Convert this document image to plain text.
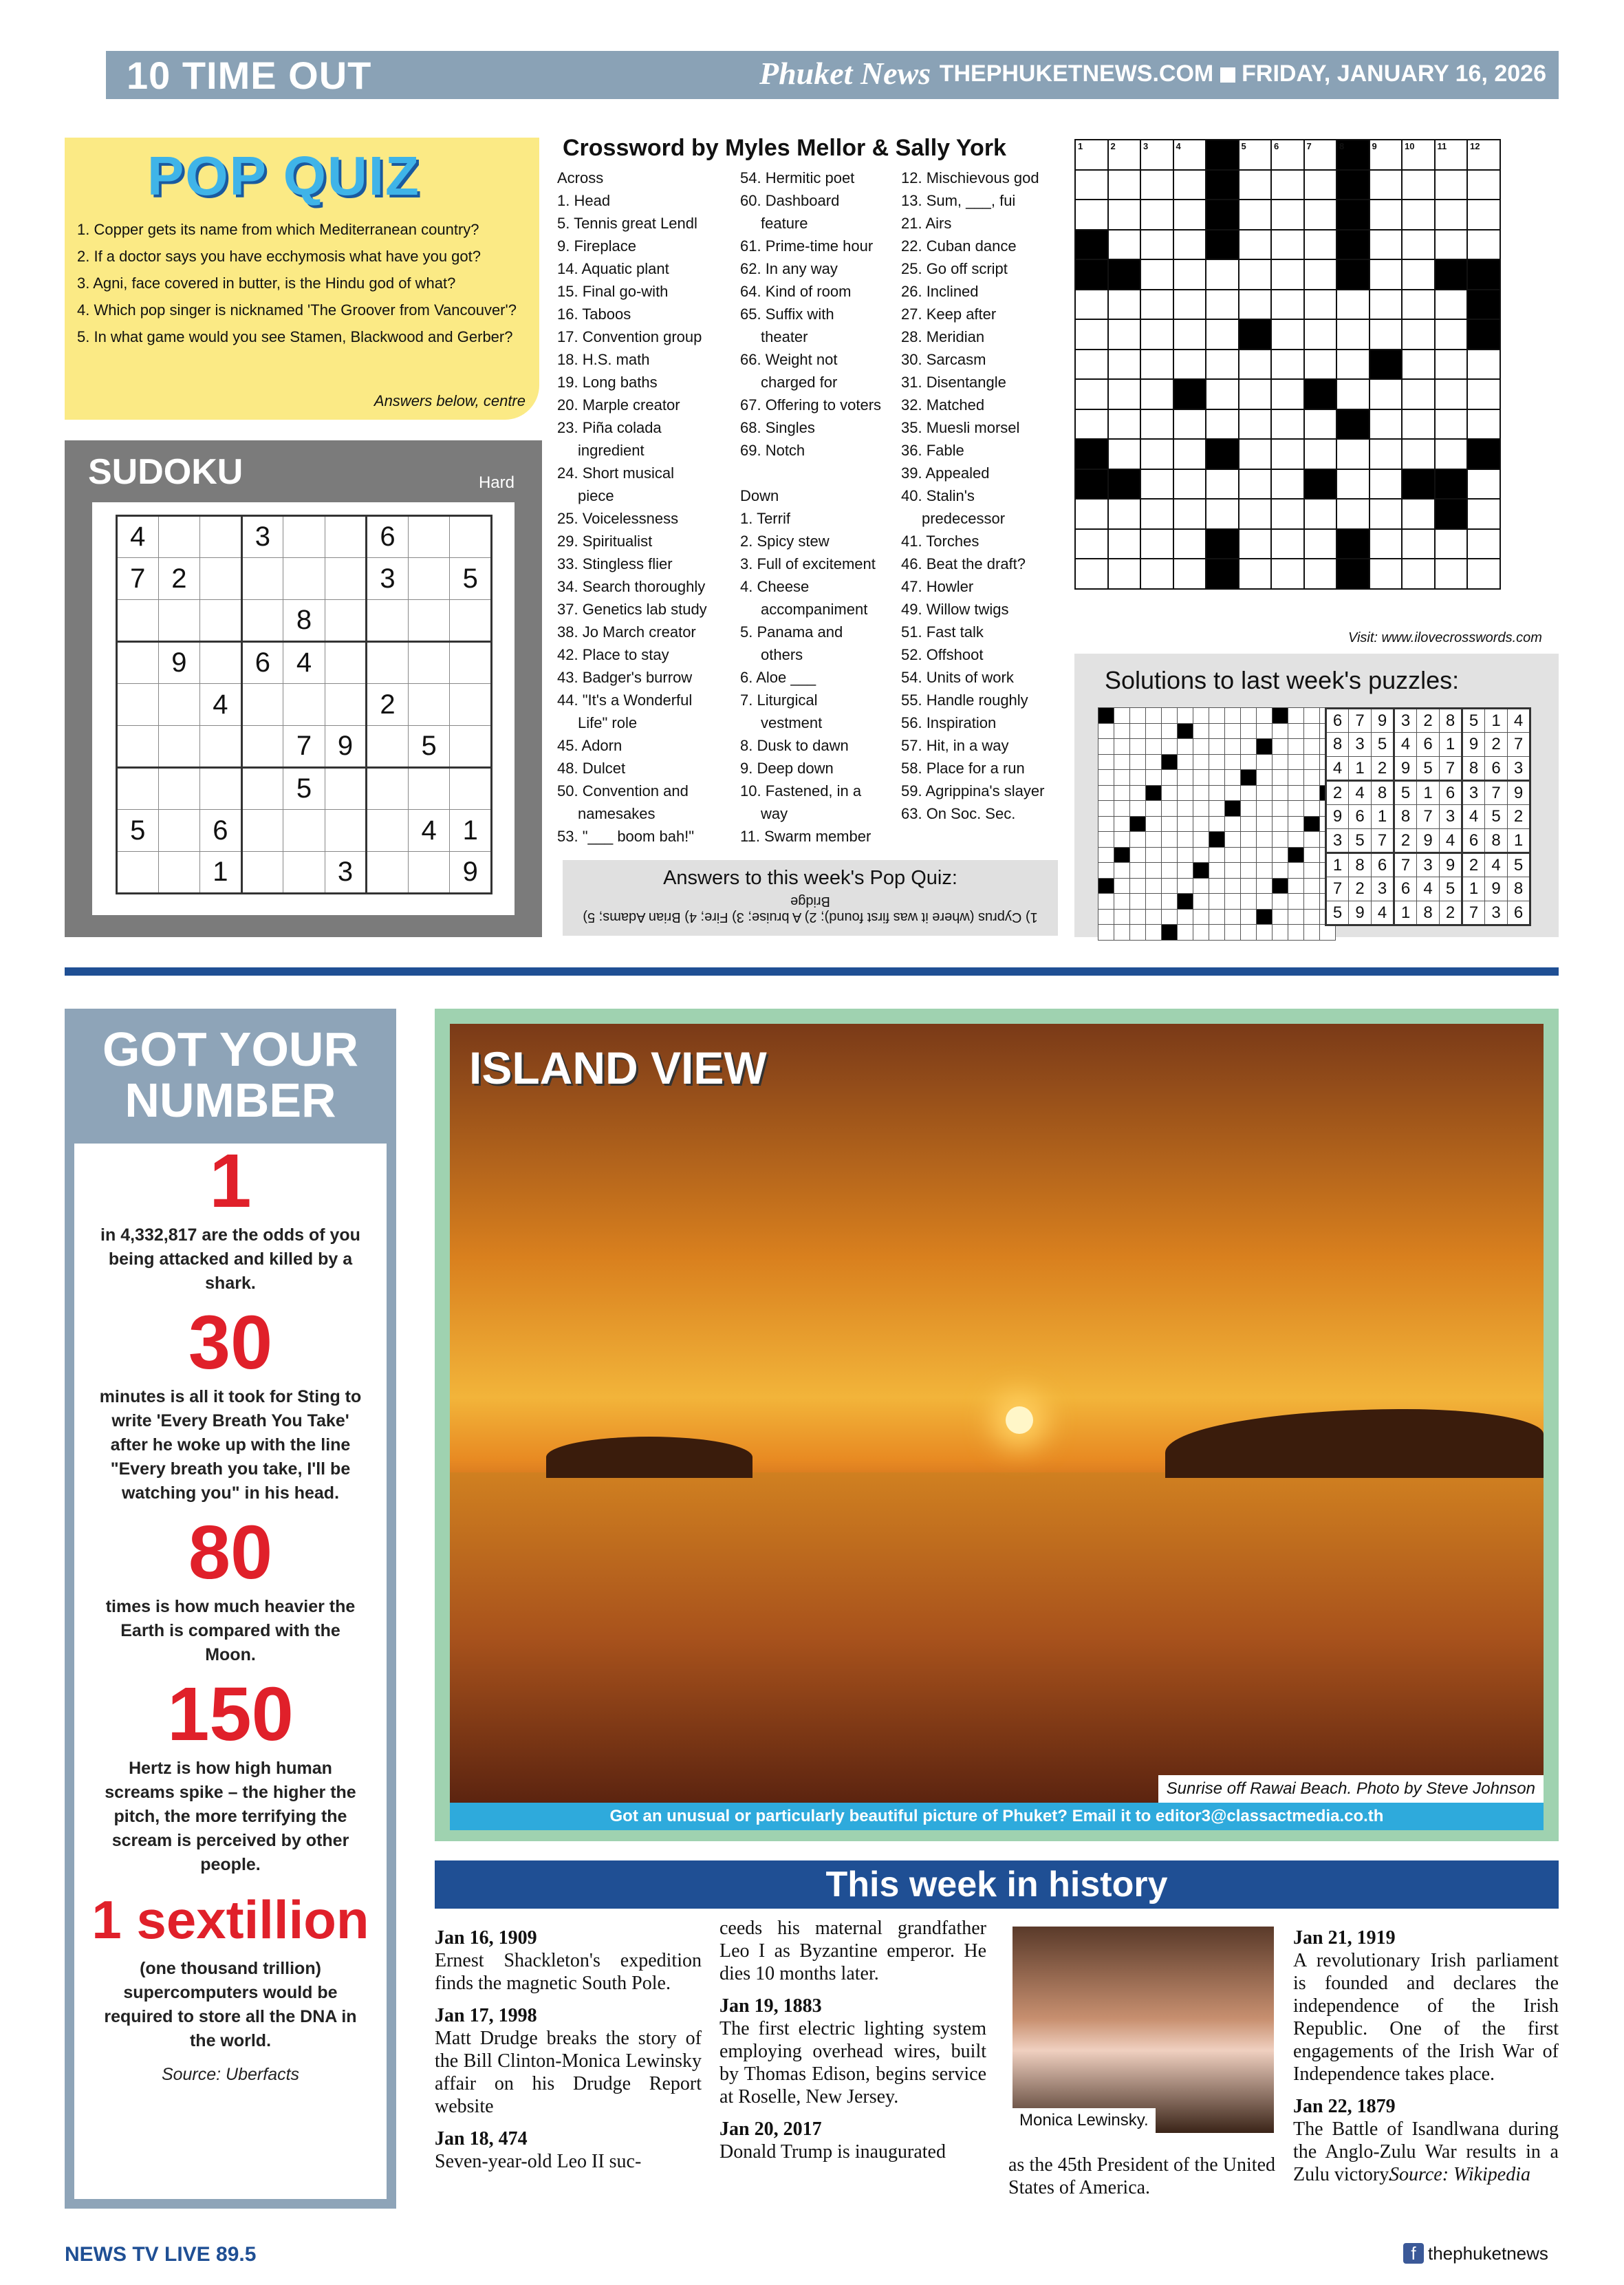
10 TIME OUT	Phuket News THEPHUKETNEWS.COM FRIDAY, JANUARY 16, 2026
POP QUIZ
1. Copper gets its name from which Mediterranean country?
2. If a doctor says you have ecchymosis what have you got?
3. Agni, face covered in butter, is the Hindu god of what?
4. Which pop singer is nicknamed 'The Groover from Vancouver'?
5. In what game would you see Stamen, Blackwood and Gerber?
Answers below, centre
SUDOKU	Hard
4			3			6		
7	2					3		5
				8				
	9		6	4				
		4				2		
				7	9		5	
				5				
5		6					4	1
		1			3			9
Crossword by Myles Mellor & Sally York
Across
1. Head
5. Tennis great Lendl
9. Fireplace
14. Aquatic plant
15. Final go-with
16. Taboos
17. Convention group
18. H.S. math
19. Long baths
20. Marple creator
23. Piña colada
ingredient
24. Short musical
piece
25. Voicelessness
29. Spiritualist
33. Stingless flier
34. Search thoroughly
37. Genetics lab study
38. Jo March creator
42. Place to stay
43. Badger's burrow
44. "It's a Wonderful
Life" role
45. Adorn
48. Dulcet
50. Convention and
namesakes
53. "___ boom bah!"
54. Hermitic poet
60. Dashboard
feature
61. Prime-time hour
62. In any way
64. Kind of room
65. Suffix with
theater
66. Weight not
charged for
67. Offering to voters
68. Singles
69. Notch

Down
1. Terrif
2. Spicy stew
3. Full of excitement
4. Cheese
accompaniment
5. Panama and
others
6. Aloe ___
7. Liturgical
vestment
8. Dusk to dawn
9. Deep down
10. Fastened, in a
way
11. Swarm member
12. Mischievous god
13. Sum, ___, fui
21. Airs
22. Cuban dance
25. Go off script
26. Inclined
27. Keep after
28. Meridian
30. Sarcasm
31. Disentangle
32. Matched
35. Muesli morsel
36. Fable
39. Appealed
40. Stalin's
predecessor
41. Torches
46. Beat the draft?
47. Howler
49. Willow twigs
51. Fast talk
52. Offshoot
54. Units of work
55. Handle roughly
56. Inspiration
57. Hit, in a way
58. Place for a run
59. Agrippina's slayer
63. On Soc. Sec.
Answers to this week's Pop Quiz:
1) Cyprus (where it was first found); 2) A bruise; 3) Fire; 4) Brian Adams; 5) Bridge
1	2	3	4		5	6	7	8	9	10	11	12

Visit: www.ilovecrosswords.com
Solutions to last week's puzzles:

6	7	9	3	2	8	5	1	4
8	3	5	4	6	1	9	2	7
4	1	2	9	5	7	8	6	3
2	4	8	5	1	6	3	7	9
9	6	1	8	7	3	4	5	2
3	5	7	2	9	4	6	8	1
1	8	6	7	3	9	2	4	5
7	2	3	6	4	5	1	9	8
5	9	4	1	8	2	7	3	6
GOT YOUR NUMBER
1
in 4,332,817 are the odds of you being attacked and killed by a shark.
30
minutes is all it took for Sting to write 'Every Breath You Take' after he woke up with the line "Every breath you take, I'll be watching you" in his head.
80
times is how much heavier the Earth is compared with the Moon.
150
Hertz is how high human screams spike – the higher the pitch, the more terrifying the scream is perceived by other people.
1 sextillion
(one thousand trillion) supercomputers would be required to store all the DNA in the world.
Source: Uberfacts
ISLAND VIEW
Sunrise off Rawai Beach. Photo by Steve Johnson
Got an unusual or particularly beautiful picture of Phuket? Email it to editor3@classactmedia.co.th
This week in history
Jan 16, 1909
Ernest Shackleton's expedition finds the magnetic South Pole.
Jan 17, 1998
Matt Drudge breaks the story of the Bill Clinton-Monica Lewinsky affair on his Drudge Report website
Jan 18, 474
Seven-year-old Leo II suc-
ceeds his maternal grandfather Leo I as Byzantine emperor. He dies 10 months later.
Jan 19, 1883
The first electric lighting system employing overhead wires, built by Thomas Edison, begins service at Roselle, New Jersey.
Jan 20, 2017
Donald Trump is inaugurated
Monica Lewinsky.
as the 45th President of the United States of America.
Jan 21, 1919
A revolutionary Irish parliament is founded and declares the independence of the Irish Republic. One of the first engagements of the Irish War of Independence takes place.
Jan 22, 1879
The Battle of Isandlwana during the Anglo-Zulu War results in a Zulu victory.
Source: Wikipedia
NEWS TV LIVE 89.5	f thephuketnews
